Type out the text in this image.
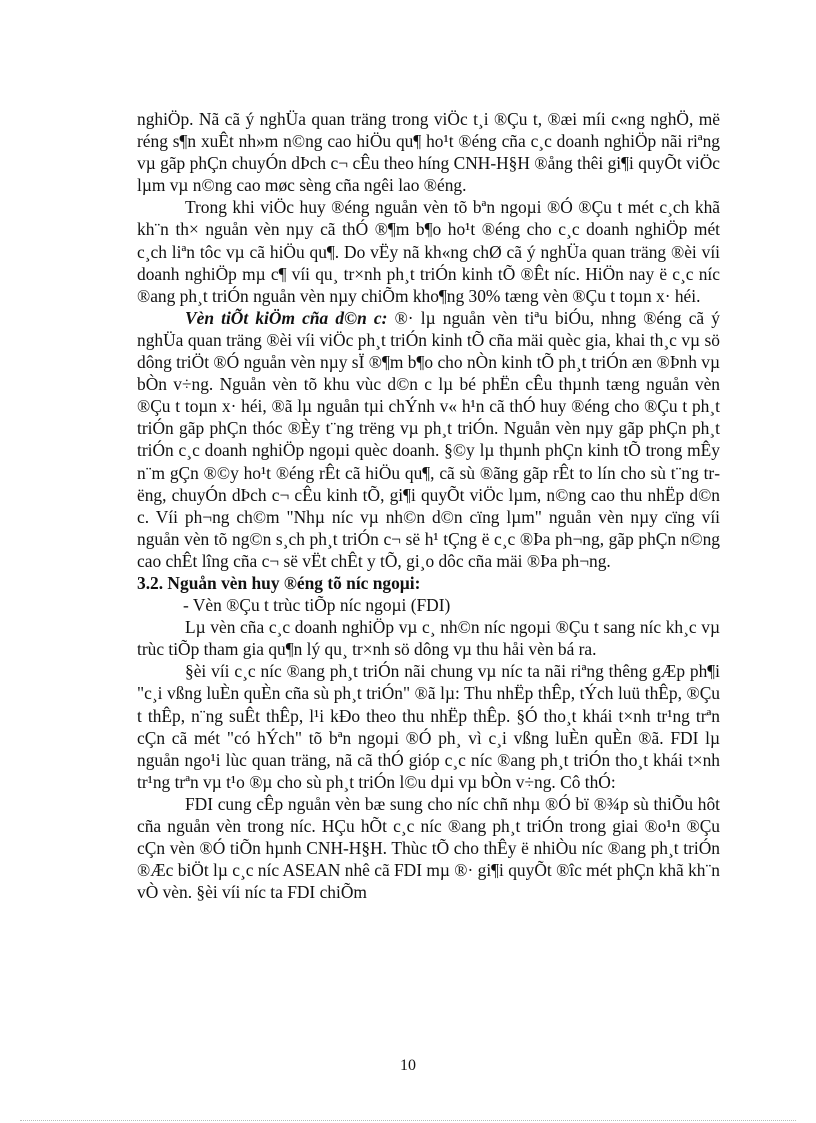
nghiÖp. Nã cã ý nghÜa quan träng trong viÖc t¸i ®Çu t, ®æi míi c«ng nghÖ, më réng s¶n xuÊt nh»m n©ng cao hiÖu qu¶ ho¹t ®éng cña c¸c doanh nghiÖp nãi riªng vµ gãp phÇn chuyÓn dÞch c¬ cÊu theo híng CNH-H§H ®ång thêi gi¶i quyÕt viÖc lµm vµ n©ng cao møc sèng cña ngêi lao ®éng.

Trong khi viÖc huy ®éng nguån vèn tõ bªn ngoµi ®Ó ®Çu t mét c¸ch khã kh¨n th× nguån vèn nµy cã thÓ ®¶m b¶o ho¹t ®éng cho c¸c doanh nghiÖp mét c¸ch liªn tôc vµ cã hiÖu qu¶. Do vËy nã kh«ng chØ cã ý nghÜa quan träng ®èi víi doanh nghiÖp mµ c¶ víi qu¸ tr×nh ph¸t triÓn kinh tÕ ®Êt níc. HiÖn nay ë c¸c níc ®ang ph¸t triÓn nguån vèn nµy chiÕm kho¶ng 30% tæng vèn ®Çu t toµn x· héi.

Vèn tiÕt kiÖm cña d©n c: ®· lµ nguån vèn tiªu biÓu, nhng ®éng cã ý nghÜa quan träng ®èi víi viÖc ph¸t triÓn kinh tÕ cña mäi quèc gia, khai th¸c vµ sö dông triÖt ®Ó nguån vèn nµy sÏ ®¶m b¶o cho nÒn kinh tÕ ph¸t triÓn æn ®Þnh vµ bÒn v÷ng. Nguån vèn tõ khu vùc d©n c lµ bé phËn cÊu thµnh tæng nguån vèn ®Çu t toµn x· héi, ®ã lµ nguån tµi chÝnh v« h¹n cã thÓ huy ®éng cho ®Çu t ph¸t triÓn gãp phÇn thóc ®Èy t¨ng trëng vµ ph¸t triÓn. Nguån vèn nµy gãp phÇn ph¸t triÓn c¸c doanh nghiÖp ngoµi quèc doanh. §©y lµ thµnh phÇn kinh tÕ trong mÊy n¨m gÇn ®©y ho¹t ®éng rÊt cã hiÖu qu¶, cã sù ®ãng gãp rÊt to lín cho sù t¨ng trëng, chuyÓn dÞch c¬ cÊu kinh tÕ, gi¶i quyÕt viÖc lµm, n©ng cao thu nhËp d©n c. Víi ph¬ng ch©m "Nhµ níc vµ nh©n d©n cïng lµm" nguån vèn nµy cïng víi nguån vèn tõ ng©n s¸ch ph¸t triÓn c¬ së h¹ tÇng ë c¸c ®Þa ph¬ng, gãp phÇn n©ng cao chÊt lîng cña c¬ së vËt chÊt y tÕ, gi¸o dôc cña mäi ®Þa ph¬ng.

3.2. Nguån vèn huy ®éng tõ níc ngoµi:

- Vèn ®Çu t trùc tiÕp níc ngoµi (FDI)

Lµ vèn cña c¸c doanh nghiÖp vµ c¸ nh©n níc ngoµi ®Çu t sang níc kh¸c vµ trùc tiÕp tham gia qu¶n lý qu¸ tr×nh sö dông vµ thu håi vèn bá ra.

§èi víi c¸c níc ®ang ph¸t triÓn nãi chung vµ níc ta nãi riªng thêng gÆp ph¶i "c¸i vßng luÈn quÈn cña sù ph¸t triÓn" ®ã lµ: Thu nhËp thÊp, tÝch luü thÊp, ®Çu t thÊp, n¨ng suÊt thÊp, l¹i kÐo theo thu nhËp thÊp. §Ó tho¸t khái t×nh tr¹ng trªn cÇn cã mét "có hÝch" tõ bªn ngoµi ®Ó ph¸ vì c¸i vßng luÈn quÈn ®ã. FDI lµ nguån ngo¹i lùc quan träng, nã cã thÓ gióp c¸c níc ®ang ph¸t triÓn tho¸t khái t×nh tr¹ng trªn vµ t¹o ®µ cho sù ph¸t triÓn l©u dµi vµ bÒn v÷ng. Cô thÓ:

FDI cung cÊp nguån vèn bæ sung cho níc chñ nhµ ®Ó bï ®¾p sù thiÕu hôt cña nguån vèn trong níc. HÇu hÕt c¸c níc ®ang ph¸t triÓn trong giai ®o¹n ®Çu cÇn vèn ®Ó tiÕn hµnh CNH-H§H. Thùc tÕ cho thÊy ë nhiÒu níc ®ang ph¸t triÓn ®Æc biÖt lµ c¸c níc ASEAN nhê cã FDI mµ ®· gi¶i quyÕt ®îc mét phÇn khã kh¨n vÒ vèn. §èi víi níc ta FDI chiÕm

10
